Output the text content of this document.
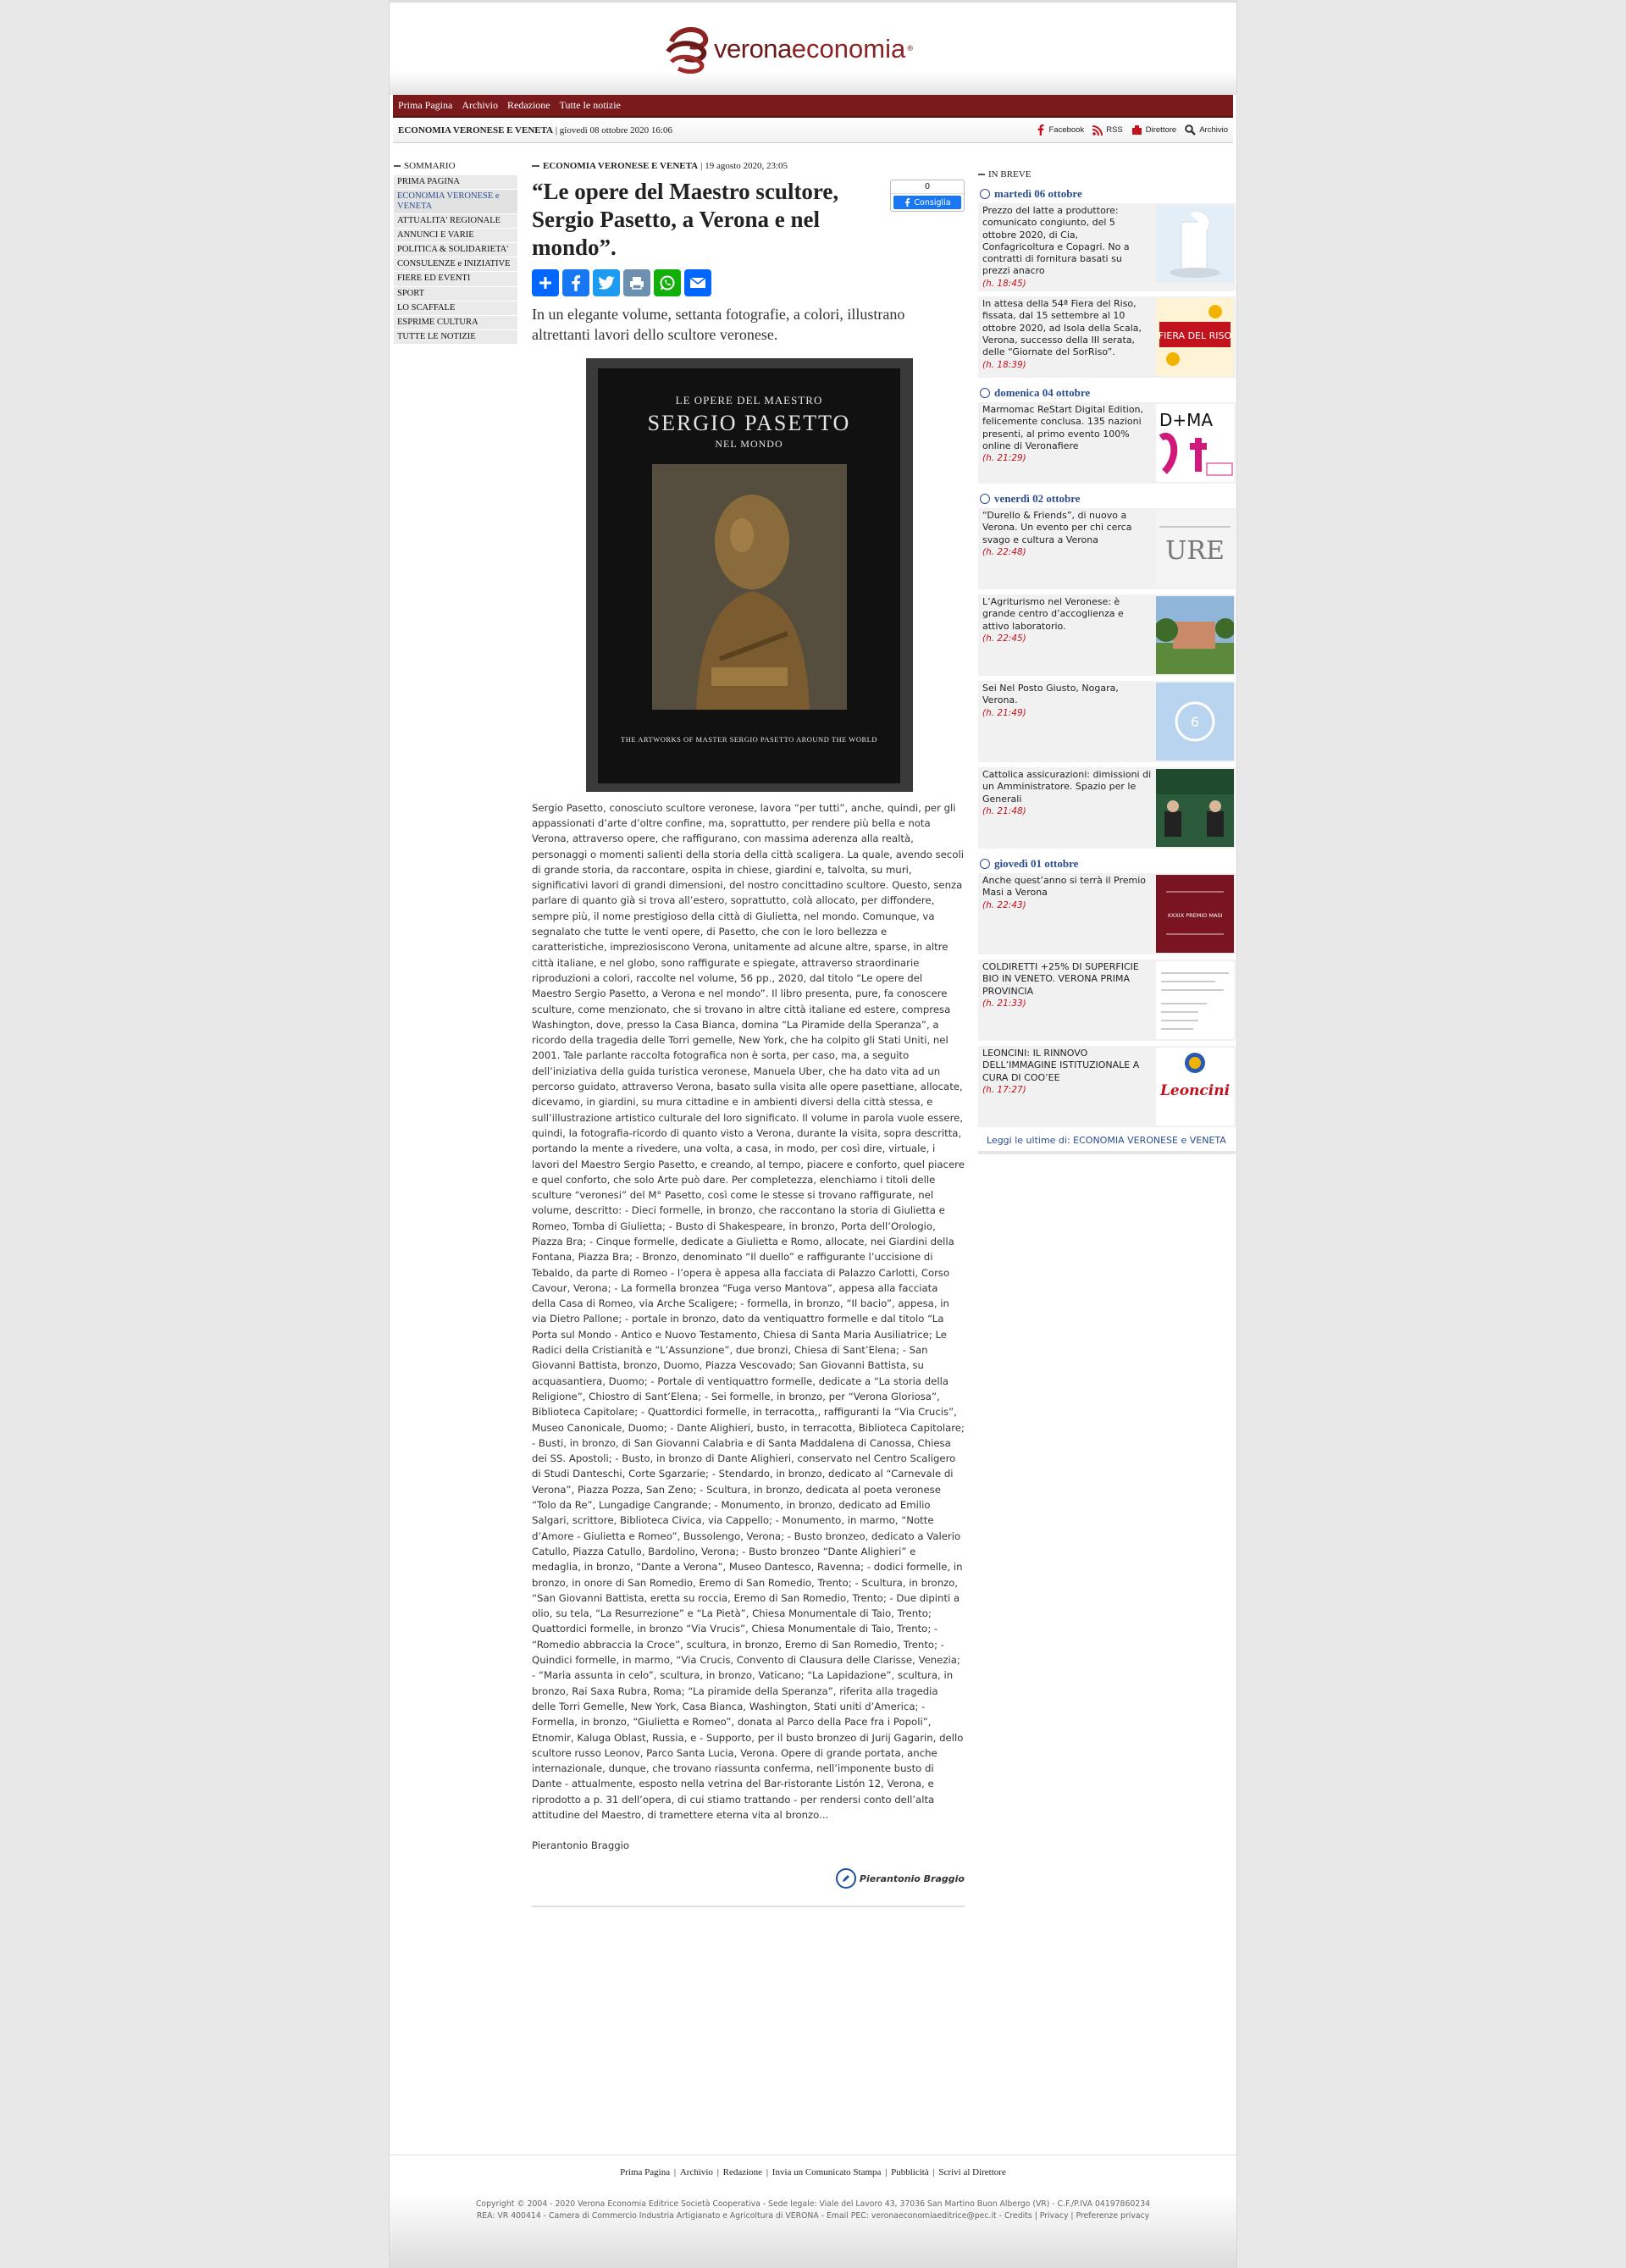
verona economia ®
Prima Pagina Archivio Redazione Tutte le notizie
ECONOMIA VERONESE E VENETA | giovedì 08 ottobre 2020 16:06	Facebook	RSS	Direttore	Archivio
SOMMARIO
PRIMA PAGINA
ECONOMIA VERONESE e VENETA
ATTUALITA' REGIONALE
ANNUNCI E VARIE
POLITICA & SOLIDARIETA'
CONSULENZE e INIZIATIVE
FIERE ED EVENTI
SPORT
LO SCAFFALE
ESPRIME CULTURA
TUTTE LE NOTIZIE
ECONOMIA VERONESE E VENETA | 19 agosto 2020, 23:05
“Le opere del Maestro scultore, Sergio Pasetto, a Verona e nel mondo”.
0
Consiglia

In un elegante volume, settanta fotografie, a colori, illustrano altrettanti lavori dello scultore veronese.

LE OPERE DEL MAESTRO
SERGIO PASETTO
NEL MONDO
THE ARTWORKS OF MASTER SERGIO PASETTO AROUND THE WORLD

Sergio Pasetto, conosciuto scultore veronese, lavora “per tutti”, anche, quindi, per gli appassionati d’arte d’oltre confine, ma, soprattutto, per rendere più bella e nota Verona, attraverso opere, che raffigurano, con massima aderenza alla realtà, personaggi o momenti salienti della storia della città scaligera. La quale, avendo secoli di grande storia, da raccontare, ospita in chiese, giardini e, talvolta, su muri, significativi lavori di grandi dimensioni, del nostro concittadino scultore. Questo, senza parlare di quanto già si trova all’estero, soprattutto, colà allocato, per diffondere, sempre più, il nome prestigioso della città di Giulietta, nel mondo. Comunque, va segnalato che tutte le venti opere, di Pasetto, che con le loro bellezza e caratteristiche, impreziosiscono Verona, unitamente ad alcune altre, sparse, in altre città italiane, e nel globo, sono raffigurate e spiegate, attraverso straordinarie riproduzioni a colori, raccolte nel volume, 56 pp., 2020, dal titolo “Le opere del Maestro Sergio Pasetto, a Verona e nel mondo”. Il libro presenta, pure, fa conoscere sculture, come menzionato, che si trovano in altre città italiane ed estere, compresa Washington, dove, presso la Casa Bianca, domina “La Piramide della Speranza”, a ricordo della tragedia delle Torri gemelle, New York, che ha colpito gli Stati Uniti, nel 2001. Tale parlante raccolta fotografica non è sorta, per caso, ma, a seguito dell’iniziativa della guida turistica veronese, Manuela Uber, che ha dato vita ad un percorso guidato, attraverso Verona, basato sulla visita alle opere pasettiane, allocate, dicevamo, in giardini, su mura cittadine e in ambienti diversi della città stessa, e sull’illustrazione artistico culturale del loro significato. Il volume in parola vuole essere, quindi, la fotografia-ricordo di quanto visto a Verona, durante la visita, sopra descritta, portando la mente a rivedere, una volta, a casa, in modo, per così dire, virtuale, i lavori del Maestro Sergio Pasetto, e creando, al tempo, piacere e conforto, quel piacere e quel conforto, che solo Arte può dare. Per completezza, elenchiamo i titoli delle sculture “veronesi” del M° Pasetto, così come le stesse si trovano raffigurate, nel volume, descritto: - Dieci formelle, in bronzo, che raccontano la storia di Giulietta e Romeo, Tomba di Giulietta; - Busto di Shakespeare, in bronzo, Porta dell’Orologio, Piazza Bra; - Cinque formelle, dedicate a Giulietta e Romo, allocate, nei Giardini della Fontana, Piazza Bra; - Bronzo, denominato “Il duello” e raffigurante l’uccisione di Tebaldo, da parte di Romeo - l’opera è appesa alla facciata di Palazzo Carlotti, Corso Cavour, Verona; - La formella bronzea “Fuga verso Mantova”, appesa alla facciata della Casa di Romeo, via Arche Scaligere; - formella, in bronzo, “Il bacio”, appesa, in via Dietro Pallone; - portale in bronzo, dato da ventiquattro formelle e dal titolo “La Porta sul Mondo - Antico e Nuovo Testamento, Chiesa di Santa Maria Ausiliatrice; Le Radici della Cristianità e “L’Assunzione”, due bronzi, Chiesa di Sant’Elena; - San Giovanni Battista, bronzo, Duomo, Piazza Vescovado; San Giovanni Battista, su acquasantiera, Duomo; - Portale di ventiquattro formelle, dedicate a “La storia della Religione”, Chiostro di Sant’Elena; - Sei formelle, in bronzo, per “Verona Gloriosa”, Biblioteca Capitolare; - Quattordici formelle, in terracotta,, raffiguranti la “Via Crucis”, Museo Canonicale, Duomo; - Dante Alighieri, busto, in terracotta, Biblioteca Capitolare; - Busti, in bronzo, di San Giovanni Calabria e di Santa Maddalena di Canossa, Chiesa dei SS. Apostoli; - Busto, in bronzo di Dante Alighieri, conservato nel Centro Scaligero di Studi Danteschi, Corte Sgarzarie; - Stendardo, in bronzo, dedicato al “Carnevale di Verona”, Piazza Pozza, San Zeno; - Scultura, in bronzo, dedicata al poeta veronese “Tolo da Re”, Lungadige Cangrande; - Monumento, in bronzo, dedicato ad Emilio Salgari, scrittore, Biblioteca Civica, via Cappello; - Monumento, in marmo, “Notte d’Amore - Giulietta e Romeo”, Bussolengo, Verona; - Busto bronzeo, dedicato a Valerio Catullo, Piazza Catullo, Bardolino, Verona; - Busto bronzeo “Dante Alighieri” e medaglia, in bronzo, “Dante a Verona”, Museo Dantesco, Ravenna; - dodici formelle, in bronzo, in onore di San Romedio, Eremo di San Romedio, Trento; - Scultura, in bronzo, “San Giovanni Battista, eretta su roccia, Eremo di San Romedio, Trento; - Due dipinti a olio, su tela, “La Resurrezione” e “La Pietà”, Chiesa Monumentale di Taio, Trento; Quattordici formelle, in bronzo “Via Vrucis”, Chiesa Monumentale di Taio, Trento; - “Romedio abbraccia la Croce”, scultura, in bronzo, Eremo di San Romedio, Trento; - Quindici formelle, in marmo, “Via Crucis, Convento di Clausura delle Clarisse, Venezia; - “Maria assunta in celo”, scultura, in bronzo, Vaticano; “La Lapidazione”, scultura, in bronzo, Rai Saxa Rubra, Roma; “La piramide della Speranza”, riferita alla tragedia delle Torri Gemelle, New York, Casa Bianca, Washington, Stati uniti d’America; - Formella, in bronzo, “Giulietta e Romeo”, donata al Parco della Pace fra i Popoli”, Etnomir, Kaluga Oblast, Russia, e - Supporto, per il busto bronzeo di Jurij Gagarin, dello scultore russo Leonov, Parco Santa Lucia, Verona. Opere di grande portata, anche internazionale, dunque, che trovano riassunta conferma, nell’imponente busto di Dante - attualmente, esposto nella vetrina del Bar-ristorante Listón 12, Verona, e riprodotto a p. 31 dell’opera, di cui stiamo trattando - per rendersi conto dell’alta attitudine del Maestro, di trametterе eterna vita al bronzo...

Pierantonio Braggio

Pierantonio Braggio
IN BREVE
martedì 06 ottobre
Prezzo del latte a produttore: comunicato congiunto, del 5 ottobre 2020, di Cia, Confagricoltura e Copagri. No a contratti di fornitura basati su prezzi anacro
(h. 18:45)
In attesa della 54ª Fiera del Riso, fissata, dal 15 settembre al 10 ottobre 2020, ad Isola della Scala, Verona, successo della III serata, delle “Giornate del SorRiso”.
(h. 18:39)
FIERA DEL RISO
domenica 04 ottobre
Marmomac ReStart Digital Edition, felicemente conclusa. 135 nazioni presenti, al primo evento 100% online di Veronafiere
(h. 21:29)
D+MA
venerdì 02 ottobre
“Durello & Friends”, di nuovo a Verona. Un evento per chi cerca svago e cultura a Verona
(h. 22:48)	URE
L’Agriturismo nel Veronese: è grande centro d’accoglienza e attivo laboratorio.
(h. 22:45)
Sei Nel Posto Giusto, Nogara, Verona.
(h. 21:49)
6
Cattolica assicurazioni: dimissioni di un Amministratore. Spazio per le Generali
(h. 21:48)
giovedì 01 ottobre
Anche quest’anno si terrà il Premio Masi a Verona
(h. 22:43)
XXXIX PREMIO MASI
COLDIRETTI +25% DI SUPERFICIE BIO IN VENETO. VERONA PRIMA PROVINCIA
(h. 21:33)
LEONCINI: IL RINNOVO DELL’IMMAGINE ISTITUZIONALE A CURA DI COO’EE
(h. 17:27)	Leoncini
Leggi le ultime di: ECONOMIA VERONESE e VENETA
Prima Pagina | Archivio | Redazione | Invia un Comunicato Stampa | Pubblicità | Scrivi al Direttore
Copyright © 2004 - 2020 Verona Economia Editrice Società Cooperativa - Sede legale: Viale del Lavoro 43, 37036 San Martino Buon Albergo (VR) - C.F./P.IVA 04197860234
REA: VR 400414 - Camera di Commercio Industria Artigianato e Agricoltura di VERONA - Email PEC: veronaeconomiaeditrice@pec.it - Credits | Privacy | Preferenze privacy
